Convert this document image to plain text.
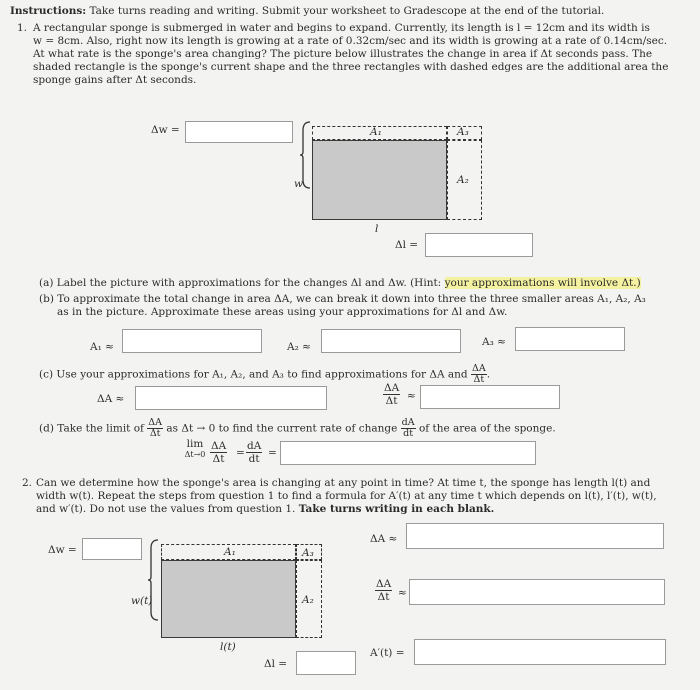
Instructions: Take turns reading and writing. Submit your worksheet to Gradescope at the end of the tutorial.
1. A rectangular sponge is submerged in water and begins to expand. Currently, its length is l = 12cm and its width is
w = 8cm. Also, right now its length is growing at a rate of 0.32cm/sec and its width is growing at a rate of 0.14cm/sec.
At what rate is the sponge's area changing? The picture below illustrates the change in area if Δt seconds pass. The
shaded rectangle is the sponge's current shape and the three rectangles with dashed edges are the additional area the
sponge gains after Δt seconds.
Δw =	A₁	A₃
A₂
w
l
Δl =
(a) Label the picture with approximations for the changes Δl and Δw. (Hint: your approximations will involve Δt.)
(b) To approximate the total change in area ΔA, we can break it down into three the three smaller areas A₁, A₂, A₃
as in the picture. Approximate these areas using your approximations for Δl and Δw.
A₁ ≈	A₂ ≈	A₃ ≈
(c) Use your approximations for A₁, A₂, and A₃ to find approximations for ΔA and $\frac{\Delta A}{\Delta t}$ .
ΔA ≈	$\frac{\Delta A}{\Delta t}$ ≈
(d) Take the limit of $\frac{\Delta A}{\Delta t}$ as Δt → 0 to find the current rate of change $\frac{dA}{dt}$ of the area of the sponge.
lim
$\Delta t\to 0 \frac{\Delta A}{\Delta t} = \frac{dA}{dt}$ =
2. Can we determine how the sponge's area is changing at any point in time? At time t, the sponge has length l(t) and
width w(t). Repeat the steps from question 1 to find a formula for A′(t) at any time t which depends on l(t), l′(t), w(t),
and w′(t). Do not use the values from question 1. Take turns writing in each blank.
Δw =	A₁	A₃
A₂
w(t)
l(t)
Δl =
ΔA ≈
$\frac{\Delta A}{\Delta t}$ ≈
A′(t) =
